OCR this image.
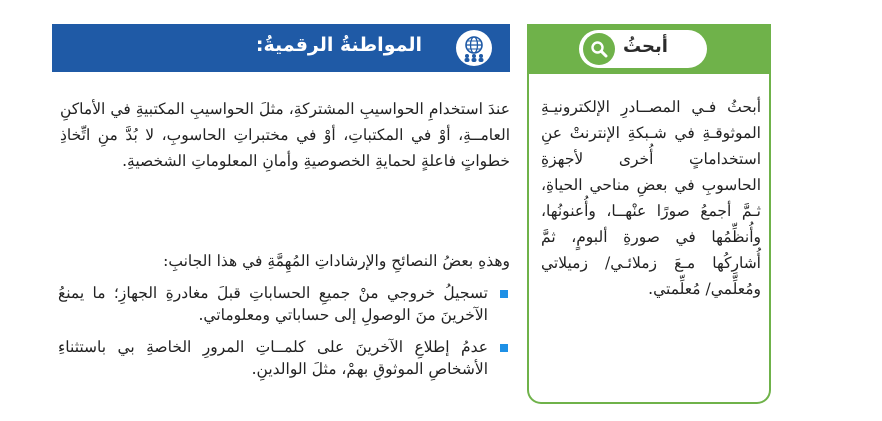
المواطنةُ الرقميةُ:
عندَ استخدامِ الحواسيبِ المشتركةِ، مثلَ الحواسيبِ المكتبيةِ في الأماكنِ العامــةِ، أوْ في المكتباتِ، أوْ في مختبراتِ الحاسوبِ، لا بُدَّ منِ اتِّخاذِ خطواتٍ فاعلةٍ لحمايةِ الخصوصيةِ وأمانِ المعلوماتِ الشخصيةِ.
وهذهِ بعضُ النصائحِ والإرشاداتِ المُهِمَّةِ في هذا الجانبِ:
تسجيلُ خروجي منْ جميعِ الحساباتِ قبلَ مغادرةِ الجهازِ؛ ما يمنعُ الآخرينَ منَ الوصولِ إلى حساباتي ومعلوماتي.
عدمُ إطلاعِ الآخرينَ على كلمــاتِ المرورِ الخاصةِ بي باستثناءِ الأشخاصِ الموثوقِ بهمْ، مثلَ الوالدينِ.
أبحثُ
أبحثُ فـي المصــادرِ الإلكترونيـةِ الموثوقـةِ في شـبكةِ الإنترنتْ عنِ استخداماتٍ أُخرى لأجهزةِ الحاسوبِ في بعضِ مناحي الحياةِ، ثـمَّ أجمعُ صورًا عنْهــا، وأُعنونُها، وأُنظِّمُها في صورةِ ألبومٍ، ثمَّ أُشارِكُها مـعَ زملائـي/ زميلاتي ومُعلِّمي/ مُعلِّمتي.
